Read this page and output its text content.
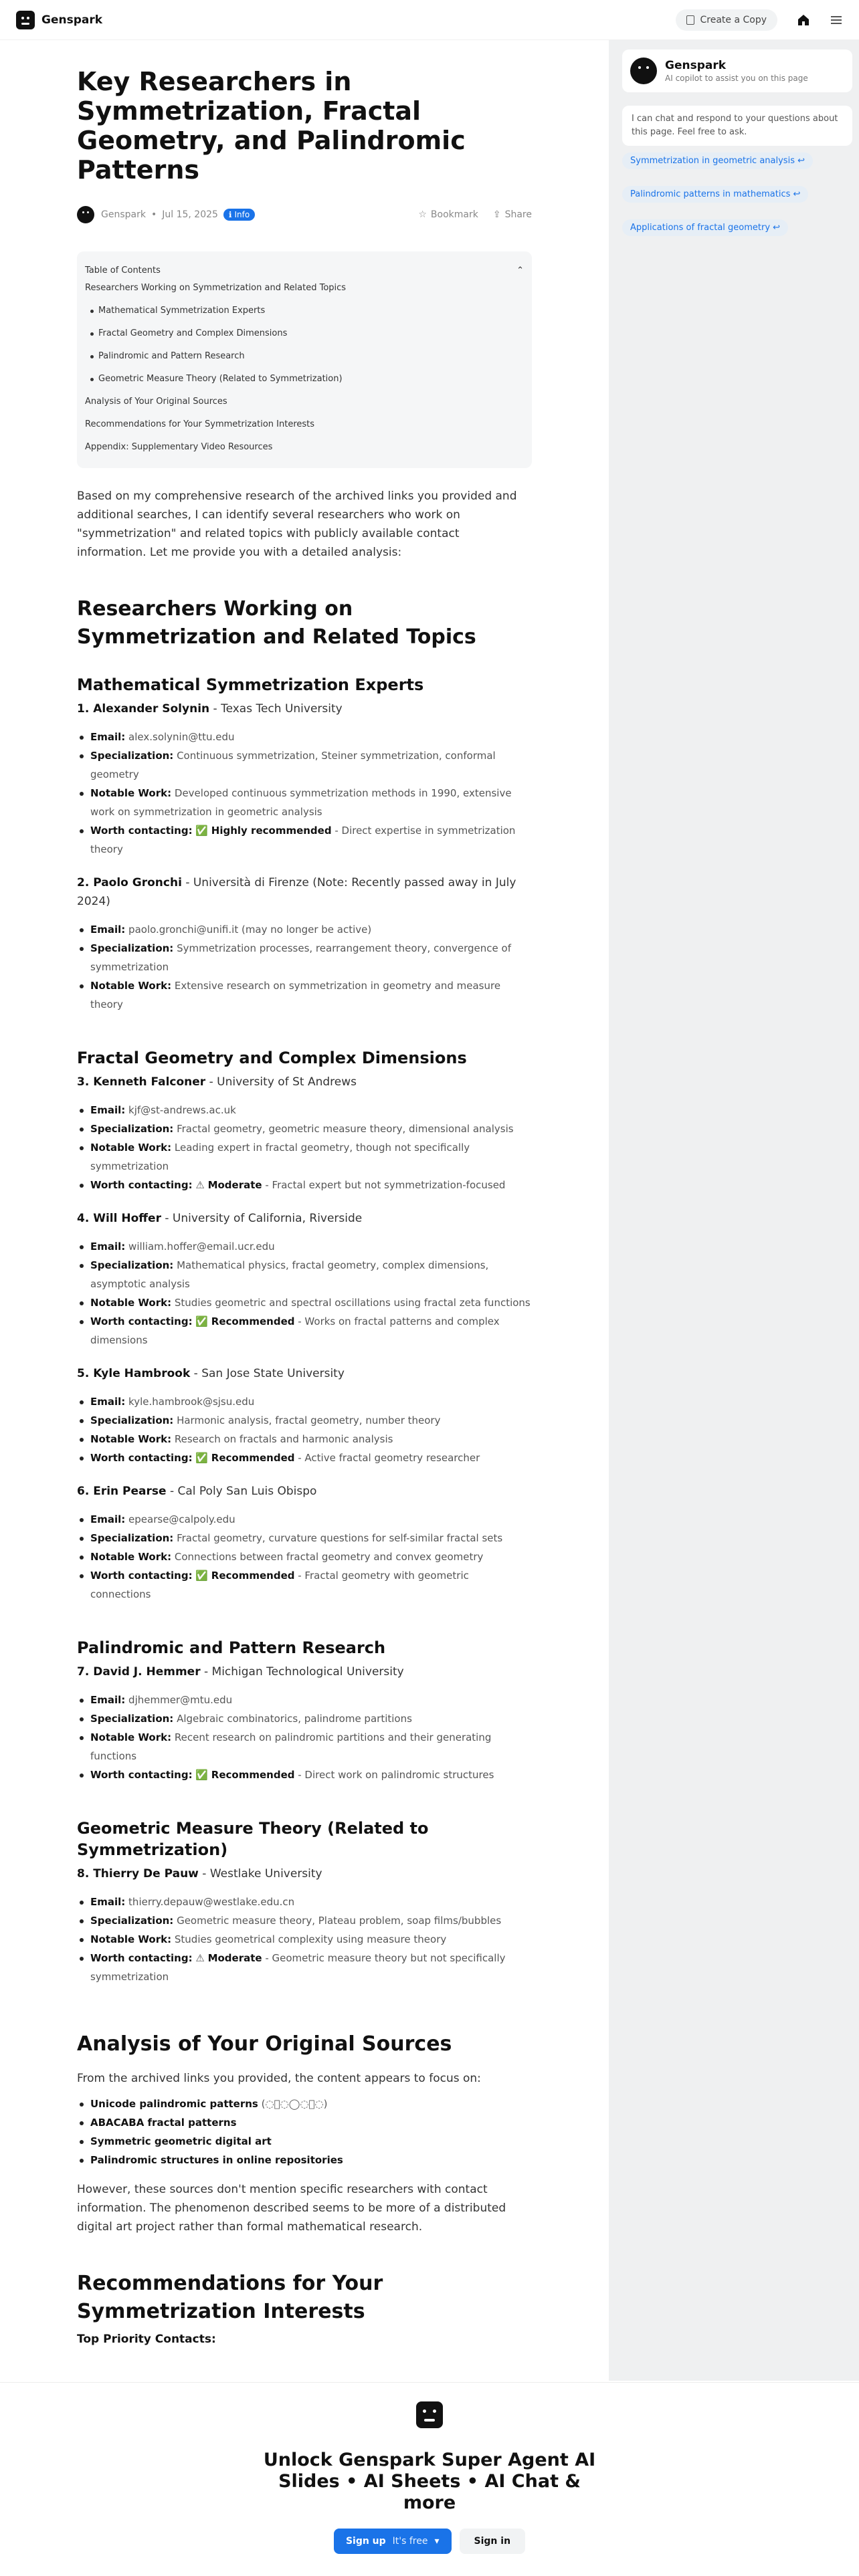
Genspark	Create a Copy
Key Researchers in Symmetrization, Fractal Geometry, and Palindromic Patterns
Genspark • Jul 15, 2025 ℹ Info	☆ Bookmark ⇪ Share
Table of Contents	⌃
Researchers Working on Symmetrization and Related Topics
Mathematical Symmetrization Experts
Fractal Geometry and Complex Dimensions
Palindromic and Pattern Research
Geometric Measure Theory (Related to Symmetrization)
Analysis of Your Original Sources
Recommendations for Your Symmetrization Interests
Appendix: Supplementary Video Resources

Based on my comprehensive research of the archived links you provided and additional searches, I can identify several researchers who work on "symmetrization" and related topics with publicly available contact information. Let me provide you with a detailed analysis:

Researchers Working on Symmetrization and Related Topics
Mathematical Symmetrization Experts
1. Alexander Solynin - Texas Tech University
Email: alex.solynin@ttu.edu
Specialization: Continuous symmetrization, Steiner symmetrization, conformal geometry
Notable Work: Developed continuous symmetrization methods in 1990, extensive work on symmetrization in geometric analysis
Worth contacting: ✅ Highly recommended - Direct expertise in symmetrization theory
2. Paolo Gronchi - Università di Firenze (Note: Recently passed away in July 2024)
Email: paolo.gronchi@unifi.it (may no longer be active)
Specialization: Symmetrization processes, rearrangement theory, convergence of symmetrization
Notable Work: Extensive research on symmetrization in geometry and measure theory
Fractal Geometry and Complex Dimensions
3. Kenneth Falconer - University of St Andrews
Email: kjf@st-andrews.ac.uk
Specialization: Fractal geometry, geometric measure theory, dimensional analysis
Notable Work: Leading expert in fractal geometry, though not specifically symmetrization
Worth contacting: ⚠ Moderate - Fractal expert but not symmetrization-focused
4. Will Hoffer - University of California, Riverside
Email: william.hoffer@email.ucr.edu
Specialization: Mathematical physics, fractal geometry, complex dimensions, asymptotic analysis
Notable Work: Studies geometric and spectral oscillations using fractal zeta functions
Worth contacting: ✅ Recommended - Works on fractal patterns and complex dimensions
5. Kyle Hambrook - San Jose State University
Email: kyle.hambrook@sjsu.edu
Specialization: Harmonic analysis, fractal geometry, number theory
Notable Work: Research on fractals and harmonic analysis
Worth contacting: ✅ Recommended - Active fractal geometry researcher
6. Erin Pearse - Cal Poly San Luis Obispo
Email: epearse@calpoly.edu
Specialization: Fractal geometry, curvature questions for self-similar fractal sets
Notable Work: Connections between fractal geometry and convex geometry
Worth contacting: ✅ Recommended - Fractal geometry with geometric connections
Palindromic and Pattern Research
7. David J. Hemmer - Michigan Technological University
Email: djhemmer@mtu.edu
Specialization: Algebraic combinatorics, palindrome partitions
Notable Work: Recent research on palindromic partitions and their generating functions
Worth contacting: ✅ Recommended - Direct work on palindromic structures
Geometric Measure Theory (Related to Symmetrization)
8. Thierry De Pauw - Westlake University
Email: thierry.depauw@westlake.edu.cn
Specialization: Geometric measure theory, Plateau problem, soap films/bubbles
Notable Work: Studies geometrical complexity using measure theory
Worth contacting: ⚠ Moderate - Geometric measure theory but not specifically symmetrization
Analysis of Your Original Sources

From the archived links you provided, the content appears to focus on:

Unicode palindromic patterns (◌⃝◌◯◌⃝◌)
ABACABA fractal patterns
Symmetric geometric digital art
Palindromic structures in online repositories

However, these sources don't mention specific researchers with contact information. The phenomenon described seems to be more of a distributed digital art project rather than formal mathematical research.

Recommendations for Your Symmetrization Interests
Top Priority Contacts:
Genspark
AI copilot to assist you on this page
I can chat and respond to your questions about this page. Feel free to ask.
Symmetrization in geometric analysis ↩
Palindromic patterns in mathematics ↩
Applications of fractal geometry ↩
Unlock Genspark Super Agent AI Slides • AI Sheets • AI Chat & more
Sign up It's free ▾	Sign in
